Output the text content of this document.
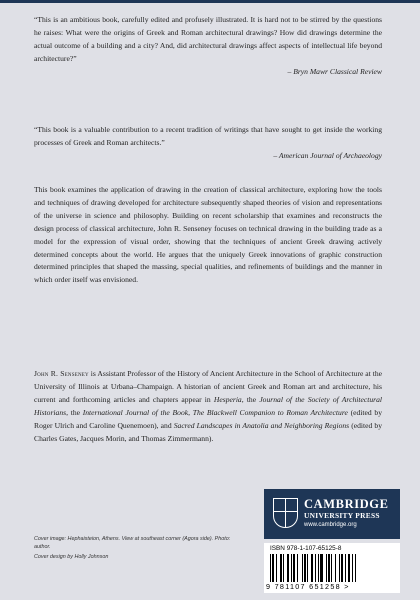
“This is an ambitious book, carefully edited and profusely illustrated. It is hard not to be stirred by the questions he raises: What were the origins of Greek and Roman architectural drawings? How did drawings determine the actual outcome of a building and a city? And, did architectural drawings affect aspects of intellectual life beyond architecture?”

– Bryn Mawr Classical Review

“This book is a valuable contribution to a recent tradition of writings that have sought to get inside the working processes of Greek and Roman architects.”

– American Journal of Archaeology

This book examines the application of drawing in the creation of classical architecture, exploring how the tools and techniques of drawing developed for architecture subsequently shaped theories of vision and representations of the universe in science and philosophy. Building on recent scholarship that examines and reconstructs the design process of classical architecture, John R. Senseney focuses on technical drawing in the building trade as a model for the expression of visual order, showing that the techniques of ancient Greek drawing actively determined concepts about the world. He argues that the uniquely Greek innovations of graphic construction determined principles that shaped the massing, special qualities, and refinements of buildings and the manner in which order itself was envisioned.

John R. Senseney is Assistant Professor of the History of Ancient Architecture in the School of Architecture at the University of Illinois at Urbana–Champaign. A historian of ancient Greek and Roman art and architecture, his current and forthcoming articles and chapters appear in Hesperia, the Journal of the Society of Architectural Historians, the International Journal of the Book, The Blackwell Companion to Roman Architecture (edited by Roger Ulrich and Caroline Quenemoen), and Sacred Landscapes in Anatolia and Neighboring Regions (edited by Charles Gates, Jacques Morin, and Thomas Zimmermann).

Cover image: Hephaisteion, Athens. View at southeast corner (Agora side). Photo: author.
Cover design by Holly Johnson
CAMBRIDGE
UNIVERSITY PRESS
www.cambridge.org
ISBN 978-1-107-65125-8
9 781107 651258 >
